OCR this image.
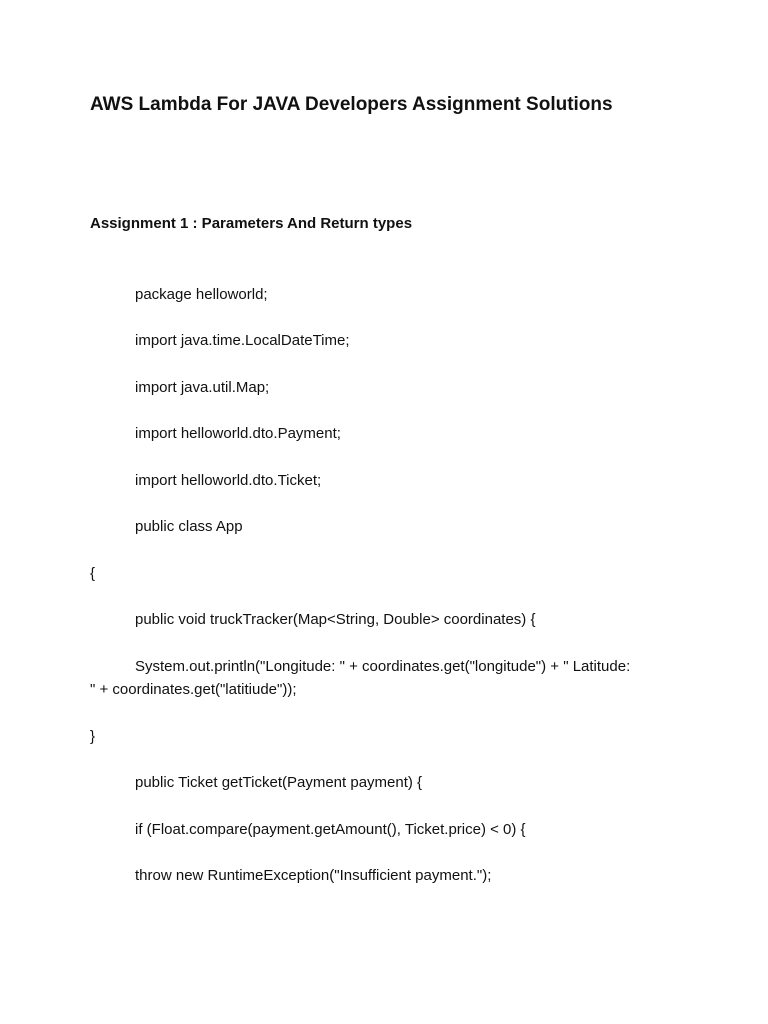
AWS Lambda For JAVA Developers Assignment Solutions
Assignment 1 : Parameters And Return types

package helloworld;

import java.time.LocalDateTime;

import java.util.Map;

import helloworld.dto.Payment;

import helloworld.dto.Ticket;

public class App

{

public void truckTracker(Map<String, Double> coordinates) {

System.out.println("Longitude: " + coordinates.get("longitude") + " Latitude:

" + coordinates.get("latitiude"));

}

public Ticket getTicket(Payment payment) {

if (Float.compare(payment.getAmount(), Ticket.price) < 0) {

throw new RuntimeException("Insufficient payment.");
